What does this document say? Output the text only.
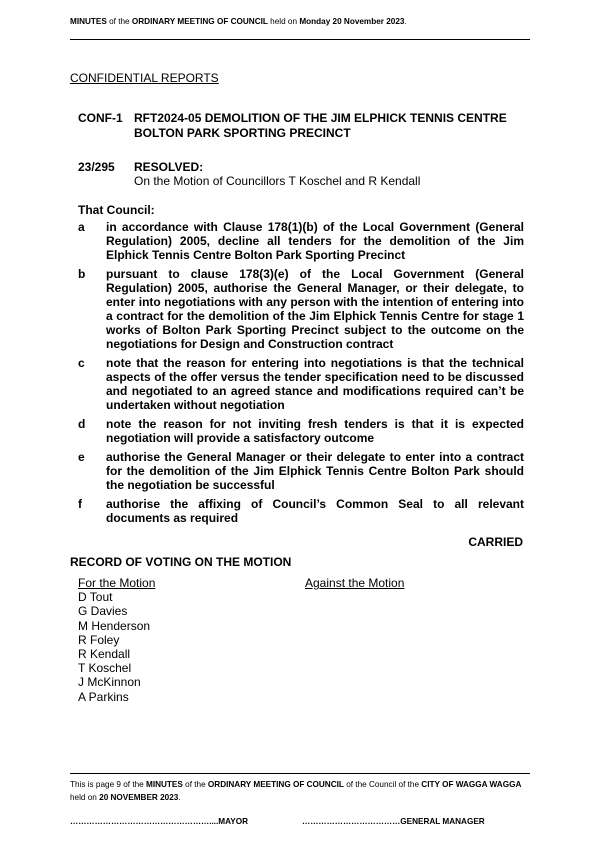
MINUTES of the ORDINARY MEETING OF COUNCIL held on Monday 20 November 2023.
CONFIDENTIAL REPORTS
CONF-1 RFT2024-05 DEMOLITION OF THE JIM ELPHICK TENNIS CENTRE BOLTON PARK SPORTING PRECINCT
23/295 RESOLVED:
On the Motion of Councillors T Koschel and R Kendall
That Council:
a	in accordance with Clause 178(1)(b) of the Local Government (General Regulation) 2005, decline all tenders for the demolition of the Jim Elphick Tennis Centre Bolton Park Sporting Precinct
b	pursuant to clause 178(3)(e) of the Local Government (General Regulation) 2005, authorise the General Manager, or their delegate, to enter into negotiations with any person with the intention of entering into a contract for the demolition of the Jim Elphick Tennis Centre for stage 1 works of Bolton Park Sporting Precinct subject to the outcome on the negotiations for Design and Construction contract
c	note that the reason for entering into negotiations is that the technical aspects of the offer versus the tender specification need to be discussed and negotiated to an agreed stance and modifications required can’t be undertaken without negotiation
d	note the reason for not inviting fresh tenders is that it is expected negotiation will provide a satisfactory outcome
e	authorise the General Manager or their delegate to enter into a contract for the demolition of the Jim Elphick Tennis Centre Bolton Park should the negotiation be successful
f	authorise the affixing of Council’s Common Seal to all relevant documents as required
CARRIED
RECORD OF VOTING ON THE MOTION
For the Motion
D Tout
G Davies
M Henderson
R Foley
R Kendall
T Koschel
J McKinnon
A Parkins
Against the Motion
This is page 9 of the MINUTES of the ORDINARY MEETING OF COUNCIL of the Council of the CITY OF WAGGA WAGGA held on 20 NOVEMBER 2023.
……………………………………………....MAYOR	………………………………GENERAL MANAGER
